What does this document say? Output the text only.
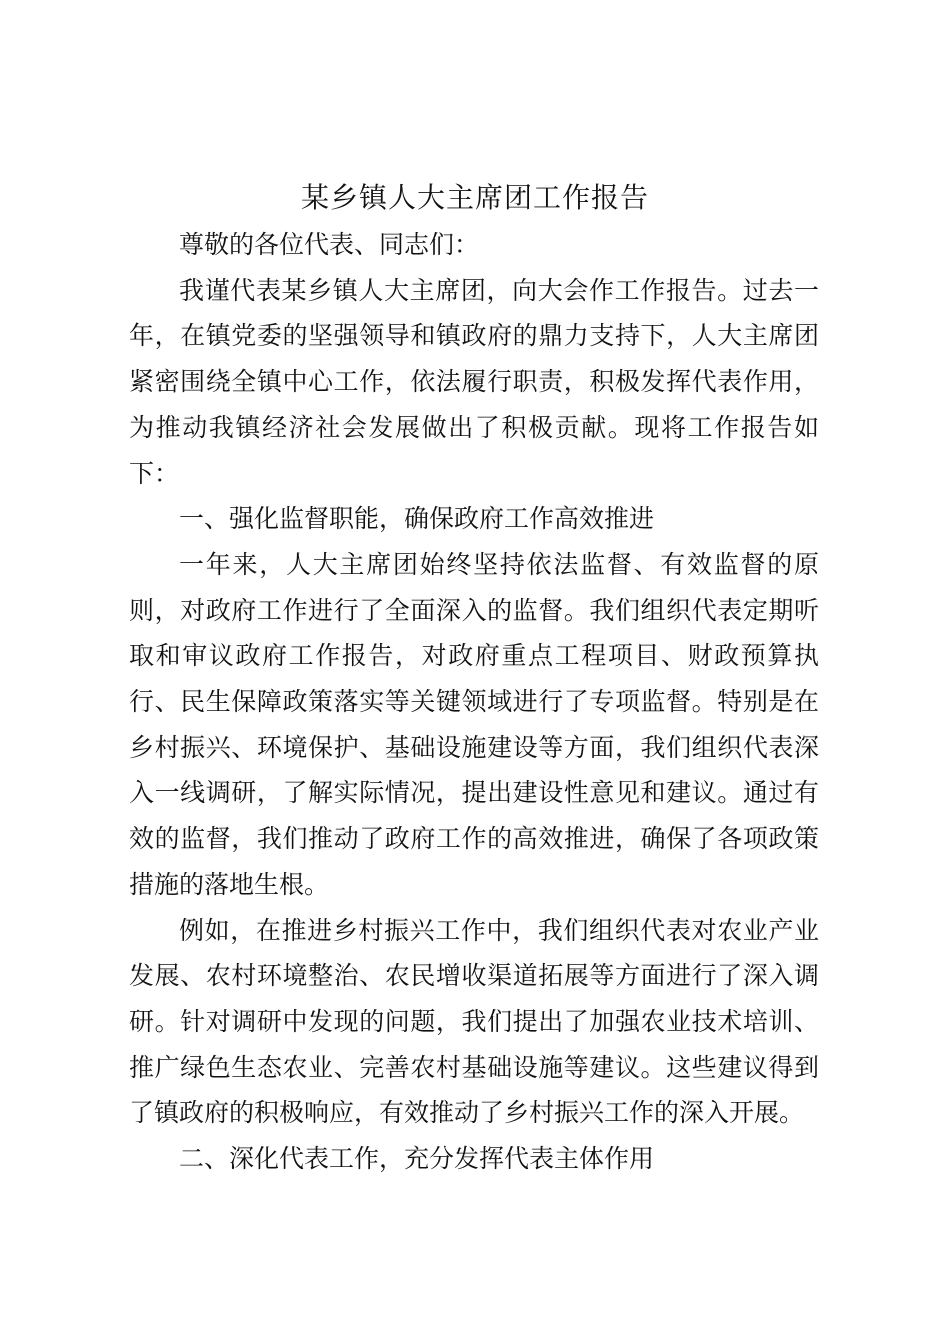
某乡镇人大主席团工作报告

尊敬的各位代表、同志们：

我谨代表某乡镇人大主席团，向大会作工作报告。过去一年，在镇党委的坚强领导和镇政府的鼎力支持下，人大主席团紧密围绕全镇中心工作，依法履行职责，积极发挥代表作用，为推动我镇经济社会发展做出了积极贡献。现将工作报告如下：

一、强化监督职能，确保政府工作高效推进

一年来，人大主席团始终坚持依法监督、有效监督的原则，对政府工作进行了全面深入的监督。我们组织代表定期听取和审议政府工作报告，对政府重点工程项目、财政预算执行、民生保障政策落实等关键领域进行了专项监督。特别是在乡村振兴、环境保护、基础设施建设等方面，我们组织代表深入一线调研，了解实际情况，提出建设性意见和建议。通过有效的监督，我们推动了政府工作的高效推进，确保了各项政策措施的落地生根。

例如，在推进乡村振兴工作中，我们组织代表对农业产业发展、农村环境整治、农民增收渠道拓展等方面进行了深入调研。针对调研中发现的问题，我们提出了加强农业技术培训、推广绿色生态农业、完善农村基础设施等建议。这些建议得到了镇政府的积极响应，有效推动了乡村振兴工作的深入开展。

二、深化代表工作，充分发挥代表主体作用
